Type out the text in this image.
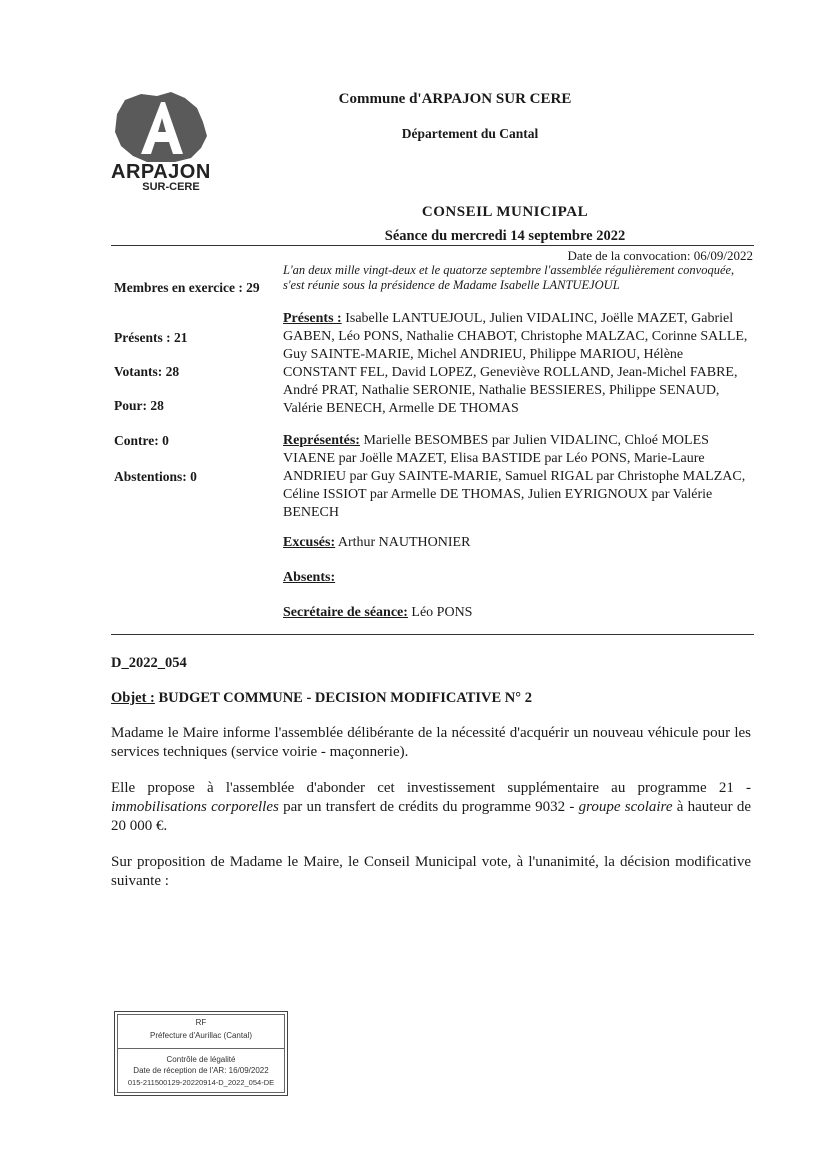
ARPAJON
SUR-CERE
Commune d'ARPAJON SUR CERE
Département du Cantal
CONSEIL MUNICIPAL
Séance du mercredi 14 septembre 2022
Date de la convocation: 06/09/2022
L'an deux mille vingt-deux et le quatorze septembre l'assemblée régulièrement convoquée, s'est réunie sous la présidence de Madame Isabelle LANTUEJOUL
Membres en exercice : 29
Présents : 21
Votants: 28
Pour: 28
Contre: 0
Abstentions: 0
Présents : Isabelle LANTUEJOUL, Julien VIDALINC, Joëlle MAZET, Gabriel GABEN, Léo PONS, Nathalie CHABOT, Christophe MALZAC, Corinne SALLE, Guy SAINTE-MARIE, Michel ANDRIEU, Philippe MARIOU, Hélène CONSTANT FEL, David LOPEZ, Geneviève ROLLAND, Jean-Michel FABRE, André PRAT, Nathalie SERONIE, Nathalie BESSIERES, Philippe SENAUD, Valérie BENECH, Armelle DE THOMAS
Représentés: Marielle BESOMBES par Julien VIDALINC, Chloé MOLES VIAENE par Joëlle MAZET, Elisa BASTIDE par Léo PONS, Marie-Laure ANDRIEU par Guy SAINTE-MARIE, Samuel RIGAL par Christophe MALZAC, Céline ISSIOT par Armelle DE THOMAS, Julien EYRIGNOUX par Valérie BENECH
Excusés: Arthur NAUTHONIER
Absents:
Secrétaire de séance: Léo PONS
D_2022_054
Objet : BUDGET COMMUNE - DECISION MODIFICATIVE N° 2
Madame le Maire informe l'assemblée délibérante de la nécessité d'acquérir un nouveau véhicule pour les services techniques (service voirie - maçonnerie).
Elle propose à l'assemblée d'abonder cet investissement supplémentaire au programme 21 - immobilisations corporelles par un transfert de crédits du programme 9032 - groupe scolaire à hauteur de 20 000 €.
Sur proposition de Madame le Maire, le Conseil Municipal vote, à l'unanimité, la décision modificative suivante :
RF
Préfecture d'Aurillac (Cantal)
Contrôle de légalité
Date de réception de l'AR: 16/09/2022
015-211500129-20220914-D_2022_054-DE
